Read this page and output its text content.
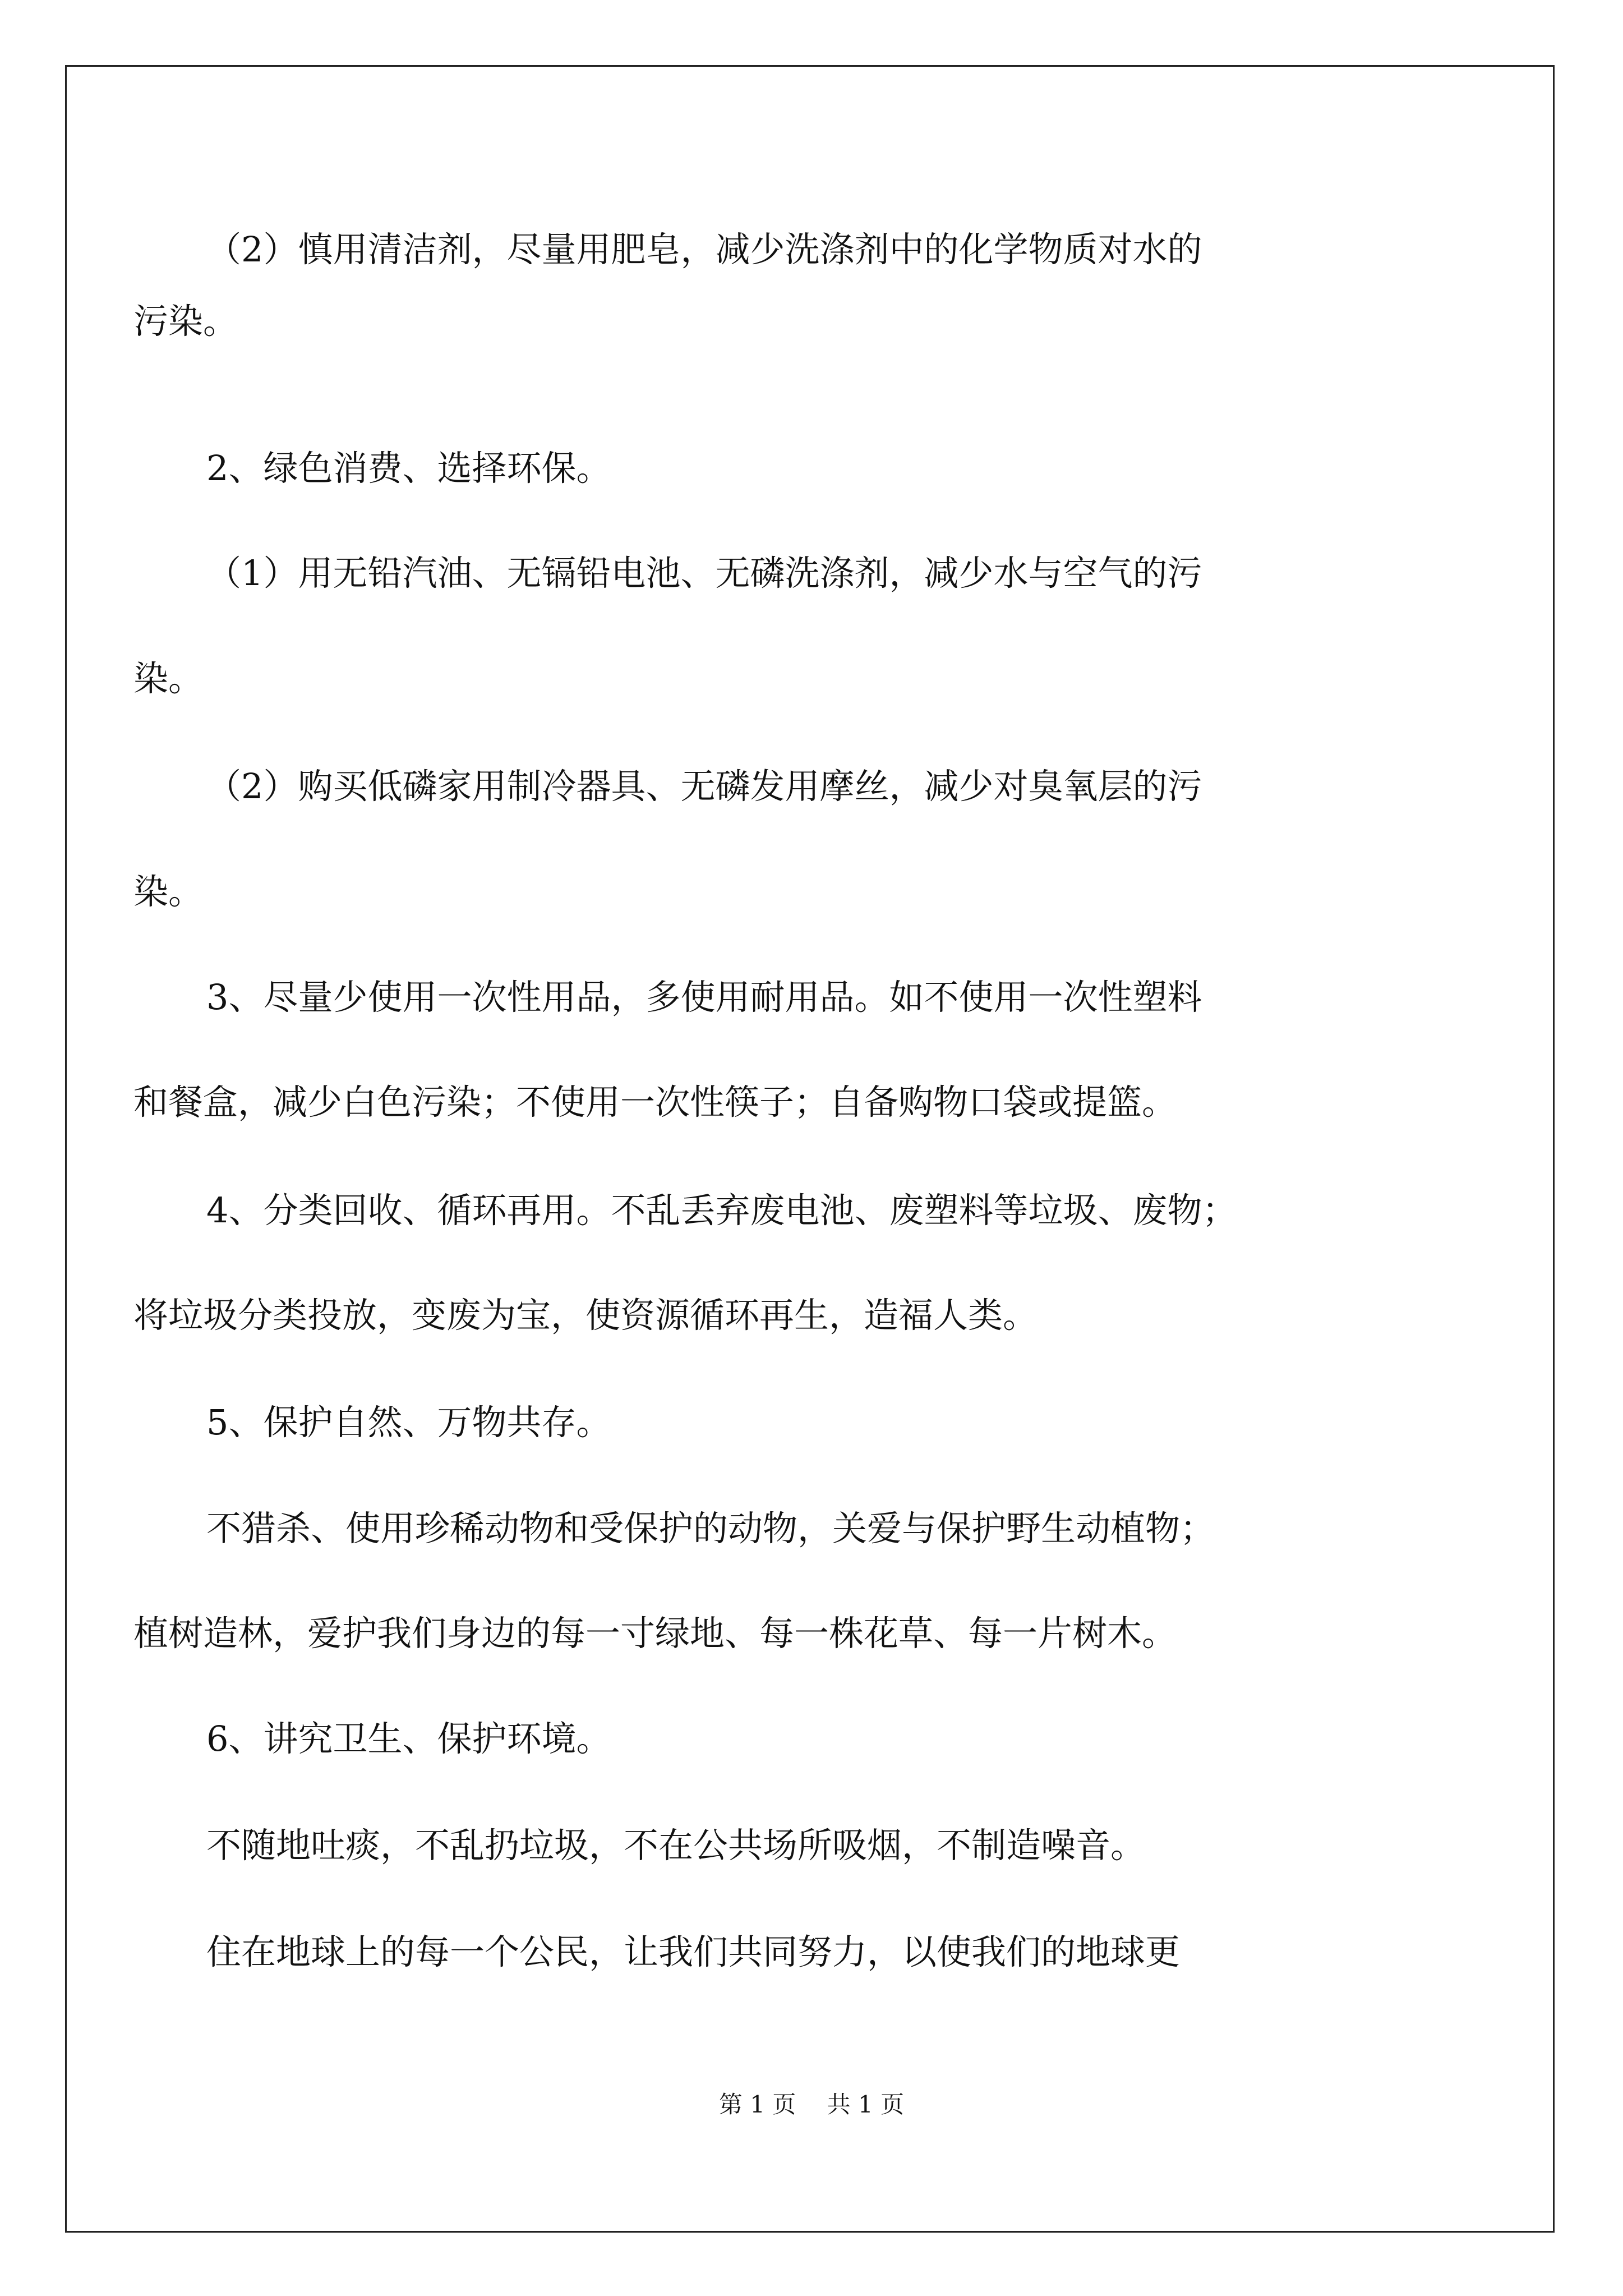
（2）慎用清洁剂，尽量用肥皂，减少洗涤剂中的化学物质对水的
污染。
2、绿色消费、选择环保。
（1）用无铅汽油、无镉铅电池、无磷洗涤剂，减少水与空气的污
染。
（2）购买低磷家用制冷器具、无磷发用摩丝，减少对臭氧层的污
染。
3、尽量少使用一次性用品，多使用耐用品。如不使用一次性塑料
和餐盒，减少白色污染；不使用一次性筷子；自备购物口袋或提篮。
4、分类回收、循环再用。不乱丢弃废电池、废塑料等垃圾、废物；
将垃圾分类投放，变废为宝，使资源循环再生，造福人类。
5、保护自然、万物共存。
不猎杀、使用珍稀动物和受保护的动物，关爱与保护野生动植物；
植树造林，爱护我们身边的每一寸绿地、每一株花草、每一片树木。
6、讲究卫生、保护环境。
不随地吐痰，不乱扔垃圾，不在公共场所吸烟，不制造噪音。
住在地球上的每一个公民，让我们共同努力，以使我们的地球更
第 1 页　 共 1 页
